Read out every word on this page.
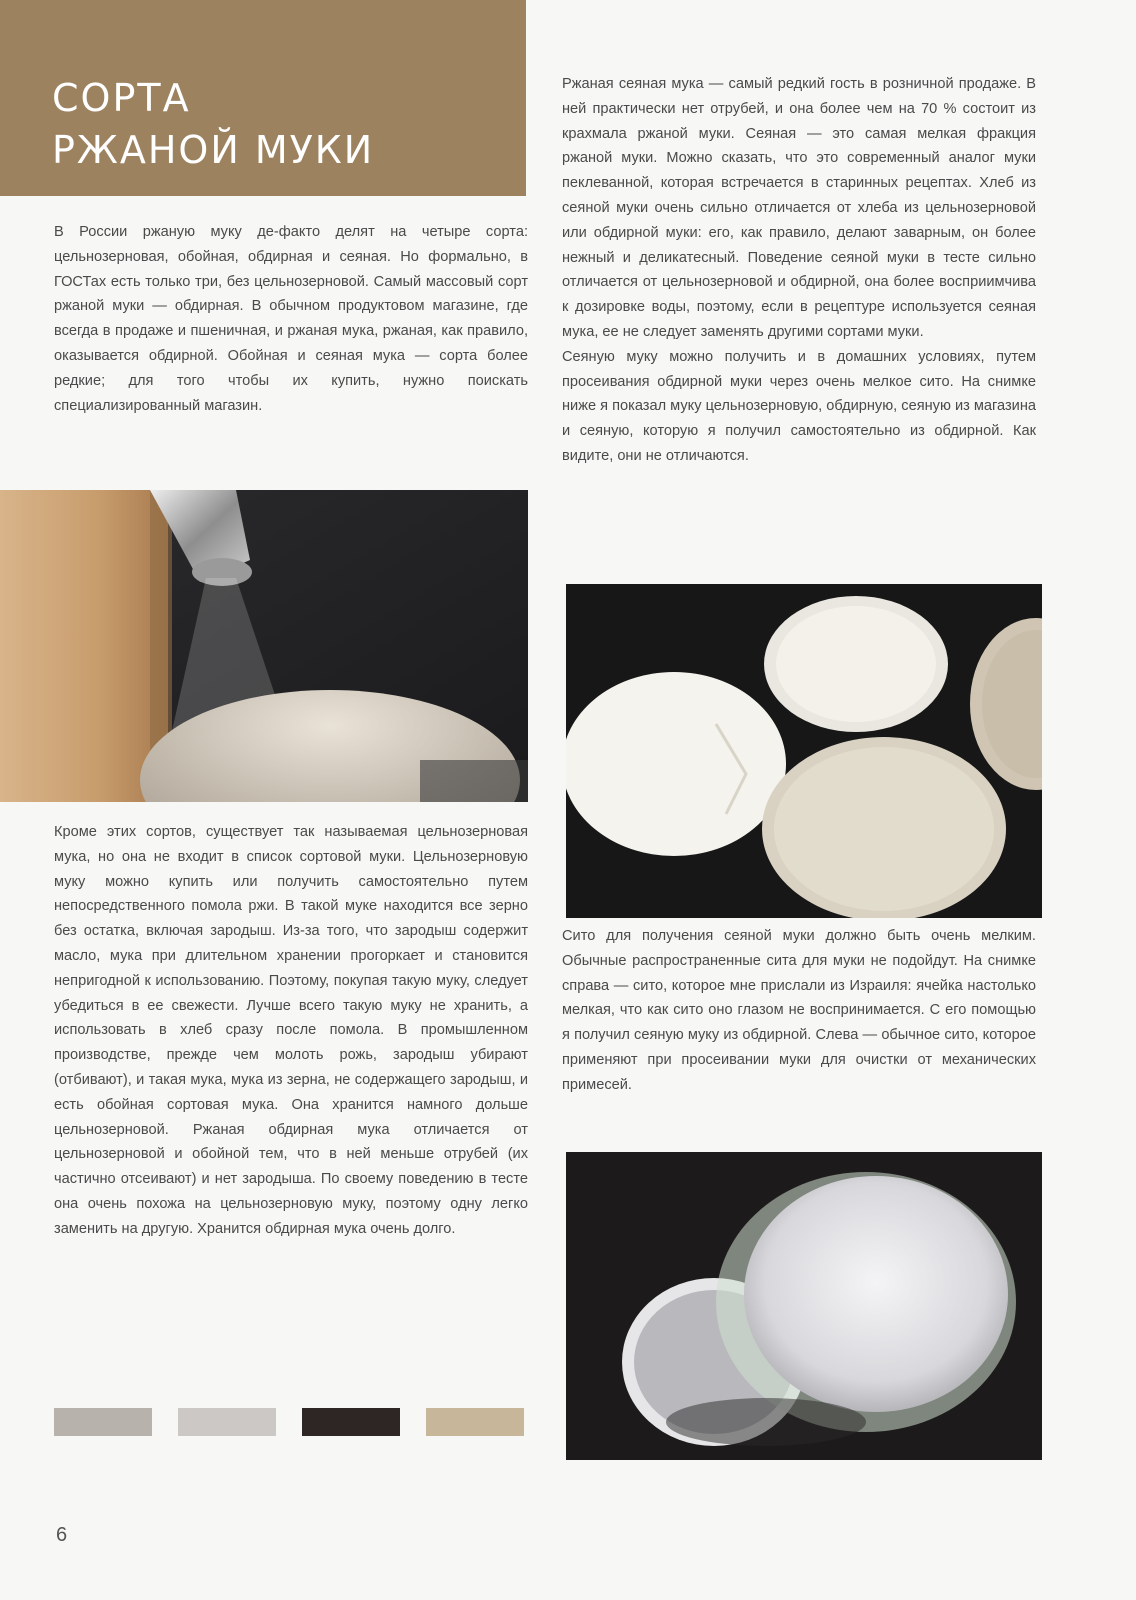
СОРТА
РЖАНОЙ МУКИ

В России ржаную муку де-факто делят на четыре сорта: цельнозерновая, обойная, обдирная и сеяная. Но формально, в ГОСТах есть только три, без цельнозерновой. Самый массовый сорт ржаной муки — обдирная. В обычном продуктовом магазине, где всегда в продаже и пшеничная, и ржаная мука, ржаная, как правило, оказывается обдирной. Обойная и сеяная мука — сорта более редкие; для того чтобы их купить, нужно поискать специализированный магазин.

Кроме этих сортов, существует так называемая цельнозерновая мука, но она не входит в список сортовой муки. Цельнозерновую муку можно купить или получить самостоятельно путем непосредственного помола ржи. В такой муке находится все зерно без остатка, включая зародыш. Из-за того, что зародыш содержит масло, мука при длительном хранении прогоркает и становится непригодной к использованию. Поэтому, покупая такую муку, следует убедиться в ее свежести. Лучше всего такую муку не хранить, а использовать в хлеб сразу после помола. В промышленном производстве, прежде чем молоть рожь, зародыш убирают (отбивают), и такая мука, мука из зерна, не содержащего зародыш, и есть обойная сортовая мука. Она хранится намного дольше цельнозерновой. Ржаная обдирная мука отличается от цельнозерновой и обойной тем, что в ней меньше отрубей (их частично отсеивают) и нет зародыша. По своему поведению в тесте она очень похожа на цельнозерновую муку, поэтому одну легко заменить на другую. Хранится обдирная мука очень долго.

Ржаная сеяная мука — самый редкий гость в розничной продаже. В ней практически нет отрубей, и она более чем на 70 % состоит из крахмала ржаной муки. Сеяная — это самая мелкая фракция ржаной муки. Можно сказать, что это современный аналог муки пеклеванной, которая встречается в старинных рецептах. Хлеб из сеяной муки очень сильно отличается от хлеба из цельнозерновой или обдирной муки: его, как правило, делают заварным, он более нежный и деликатесный. Поведение сеяной муки в тесте сильно отличается от цельнозерновой и обдирной, она более восприимчива к дозировке воды, поэтому, если в рецептуре используется сеяная мука, ее не следует заменять другими сортами муки.
Сеяную муку можно получить и в домашних условиях, путем просеивания обдирной муки через очень мелкое сито. На снимке ниже я показал муку цельнозерновую, обдирную, сеяную из магазина и сеяную, которую я получил самостоятельно из обдирной. Как видите, они не отличаются.

Сито для получения сеяной муки должно быть очень мелким. Обычные распространенные сита для муки не подойдут. На снимке справа — сито, которое мне прислали из Израиля: ячейка настолько мелкая, что как сито оно глазом не воспринимается. С его помощью я получил сеяную муку из обдирной. Слева — обычное сито, которое применяют при просеивании муки для очистки от механических примесей.

6
